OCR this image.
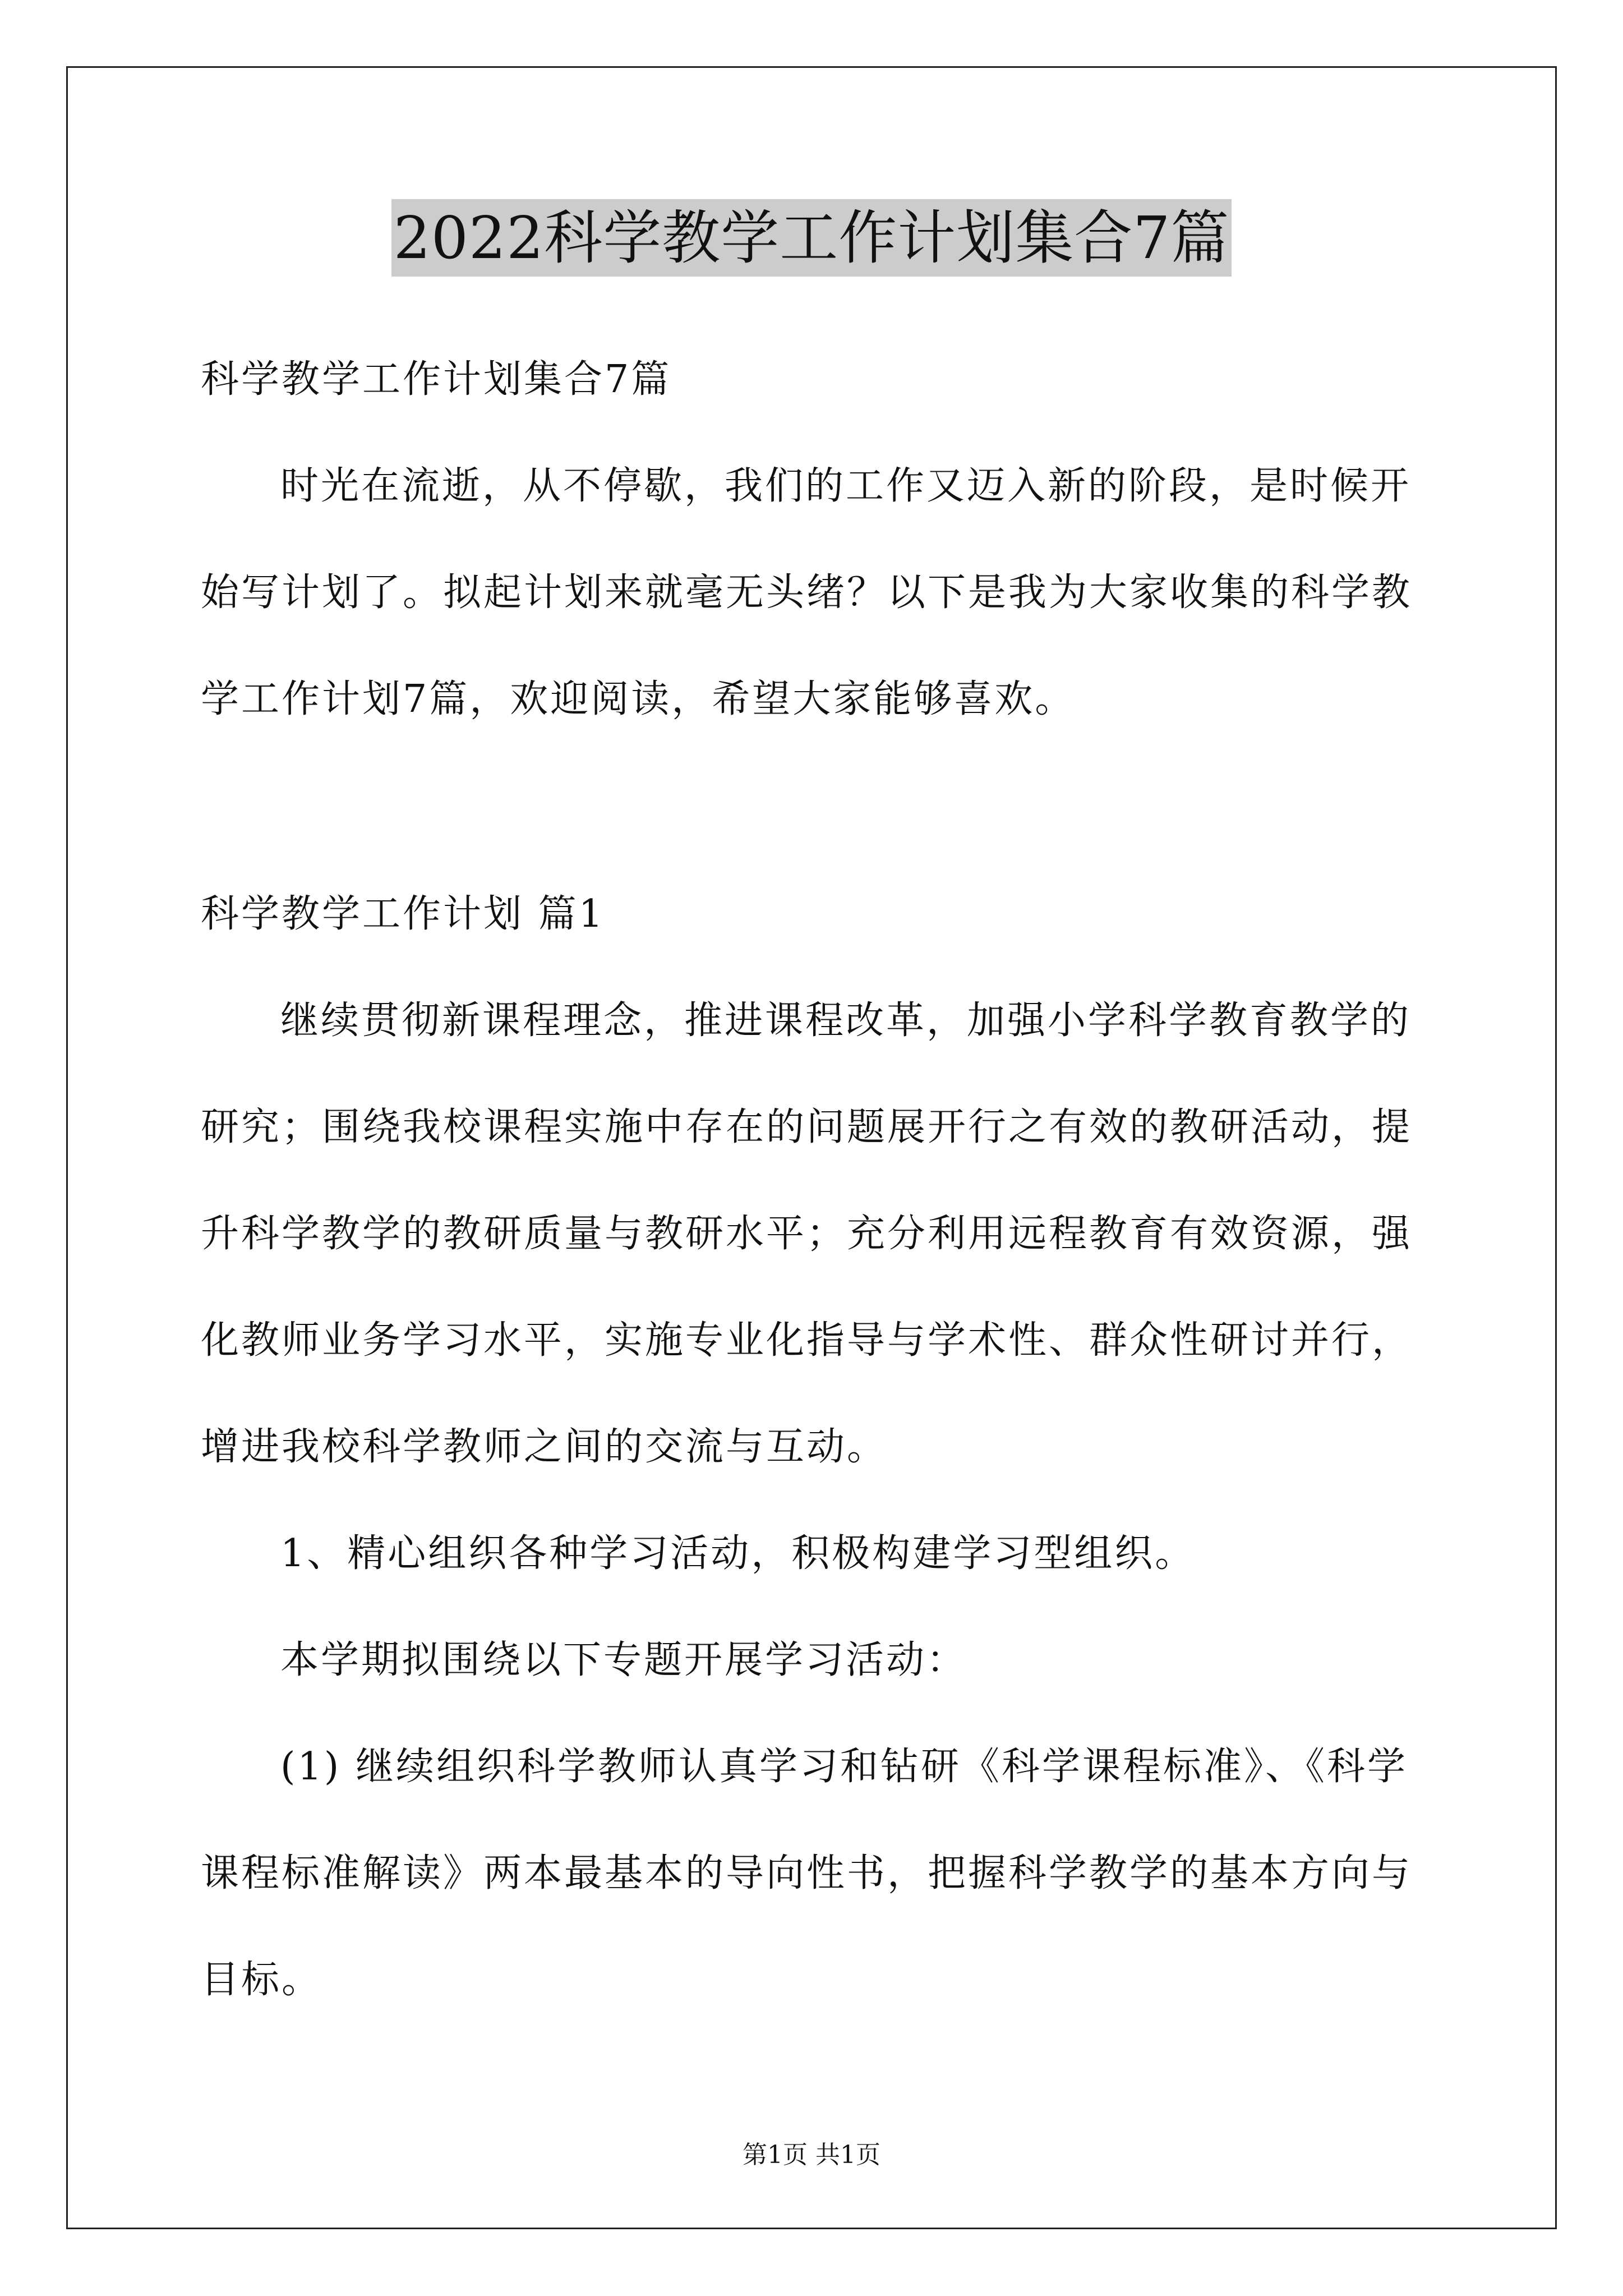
2022科学教学工作计划集合7篇
科学教学工作计划集合7篇
时光在流逝，从不停歇，我们的工作又迈入新的阶段，是时候开
始写计划了。拟起计划来就毫无头绪？以下是我为大家收集的科学教
学工作计划7篇，欢迎阅读，希望大家能够喜欢。
科学教学工作计划 篇1
继续贯彻新课程理念，推进课程改革，加强小学科学教育教学的
研究；围绕我校课程实施中存在的问题展开行之有效的教研活动，提
升科学教学的教研质量与教研水平；充分利用远程教育有效资源，强
化教师业务学习水平，实施专业化指导与学术性、群众性研讨并行，
增进我校科学教师之间的交流与互动。
1、精心组织各种学习活动，积极构建学习型组织。
本学期拟围绕以下专题开展学习活动：
(1) 继续组织科学教师认真学习和钻研《科学课程标准》、《科学
课程标准解读》两本最基本的导向性书，把握科学教学的基本方向与
目标。
第1页 共1页
